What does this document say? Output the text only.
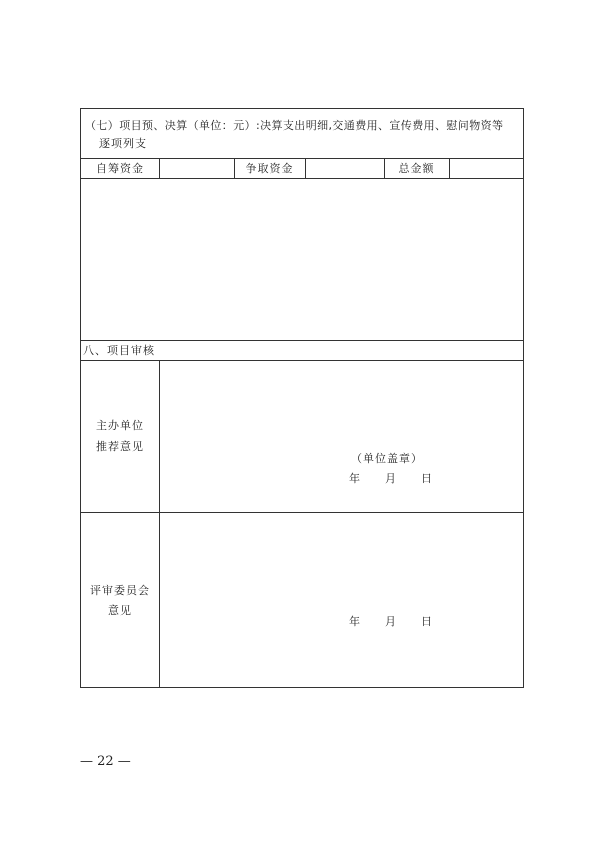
（七）项目预、决算（单位：元）:决算支出明细,交通费用、宣传费用、慰问物资等
逐项列支
自筹资金	争取资金	总金额
八、项目审核
主办单位
推荐意见
（单位盖章）
年　　月　　日
评审委员会
意见
年　　月　　日
— 22 —
